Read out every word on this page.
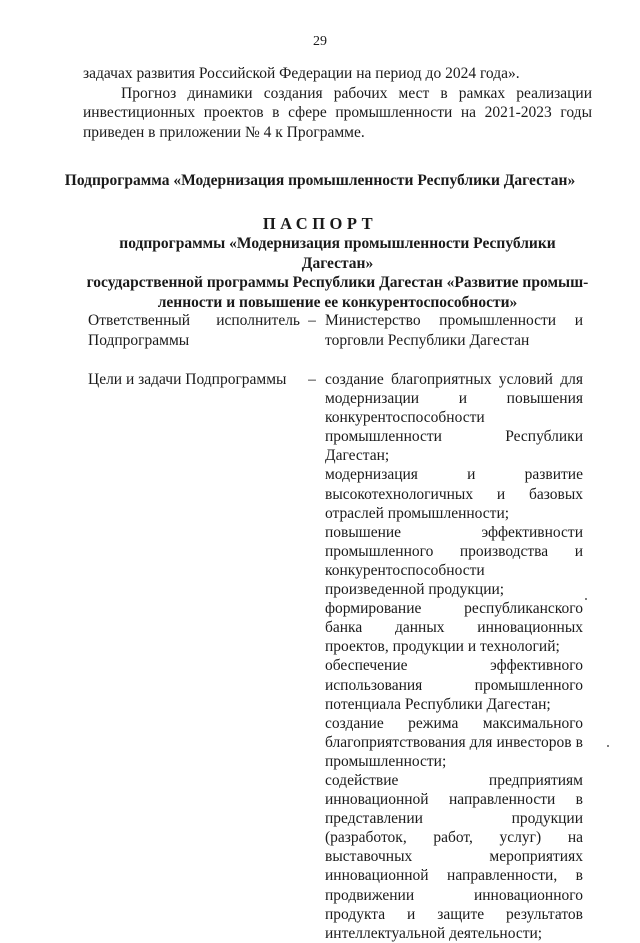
29

задачах развития Российской Федерации на период до 2024 года».

Прогноз динамики создания рабочих мест в рамках реализации инвестиционных проектов в сфере промышленности на 2021-2023 годы приведен в приложении № 4 к Программе.

Подпрограмма «Модернизация промышленности Республики Дагестан»
ПАСПОРТ
подпрограммы «Модернизация промышленности Республики Дагестан»
государственной программы Республики Дагестан «Развитие промыш-
ленности и повышение ее конкурентоспособности»
Ответственный исполнитель
Подпрограммы
– Министерство промышленности и торговли Республики Дагестан
Цели и задачи Подпрограммы	– создание благоприятных условий для модернизации и повышения конкурентоспособности промышленности Республики Дагестан;

модернизация и развитие высокотехнологичных и базовых отраслей промышленности;

повышение эффективности промышленного производства и конкурентоспособности произведенной продукции;

формирование республиканского банка данных инновационных проектов, продукции и технологий;

обеспечение эффективного использования промышленного потенциала Республики Дагестан;

создание режима максимального благоприятствования для инвесторов в промышленности;

содействие предприятиям инновационной направленности в представлении продукции (разработок, работ, услуг) на выставочных мероприятиях инновационной направленности, в продвижении инновационного продукта и защите результатов интеллектуальной деятельности;
